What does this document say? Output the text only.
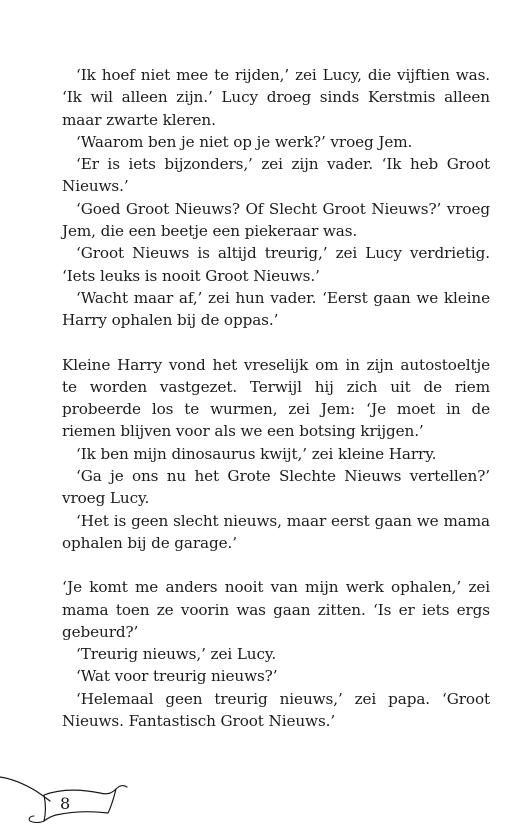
‘Ik hoef niet mee te rijden,’ zei Lucy, die vijftien was. ‘Ik wil alleen zijn.’ Lucy droeg sinds Kerstmis alleen maar zwarte kleren.

‘Waarom ben je niet op je werk?’ vroeg Jem.

‘Er is iets bijzonders,’ zei zijn vader. ‘Ik heb Groot Nieuws.’

‘Goed Groot Nieuws? Of Slecht Groot Nieuws?’ vroeg Jem, die een beetje een piekeraar was.

‘Groot Nieuws is altijd treurig,’ zei Lucy verdrietig. ‘Iets leuks is nooit Groot Nieuws.’

‘Wacht maar af,’ zei hun vader. ‘Eerst gaan we kleine Harry ophalen bij de oppas.’

Kleine Harry vond het vreselijk om in zijn autostoeltje te worden vastgezet. Terwijl hij zich uit de riem probeerde los te wurmen, zei Jem: ‘Je moet in de riemen blijven voor als we een botsing krijgen.’

‘Ik ben mijn dinosaurus kwijt,’ zei kleine Harry.

‘Ga je ons nu het Grote Slechte Nieuws vertellen?’ vroeg Lucy.

‘Het is geen slecht nieuws, maar eerst gaan we mama ophalen bij de garage.’

‘Je komt me anders nooit van mijn werk ophalen,’ zei mama toen ze voorin was gaan zitten. ‘Is er iets ergs gebeurd?’

‘Treurig nieuws,’ zei Lucy.

‘Wat voor treurig nieuws?’

‘Helemaal geen treurig nieuws,’ zei papa. ‘Groot Nieuws. Fantastisch Groot Nieuws.’

8
